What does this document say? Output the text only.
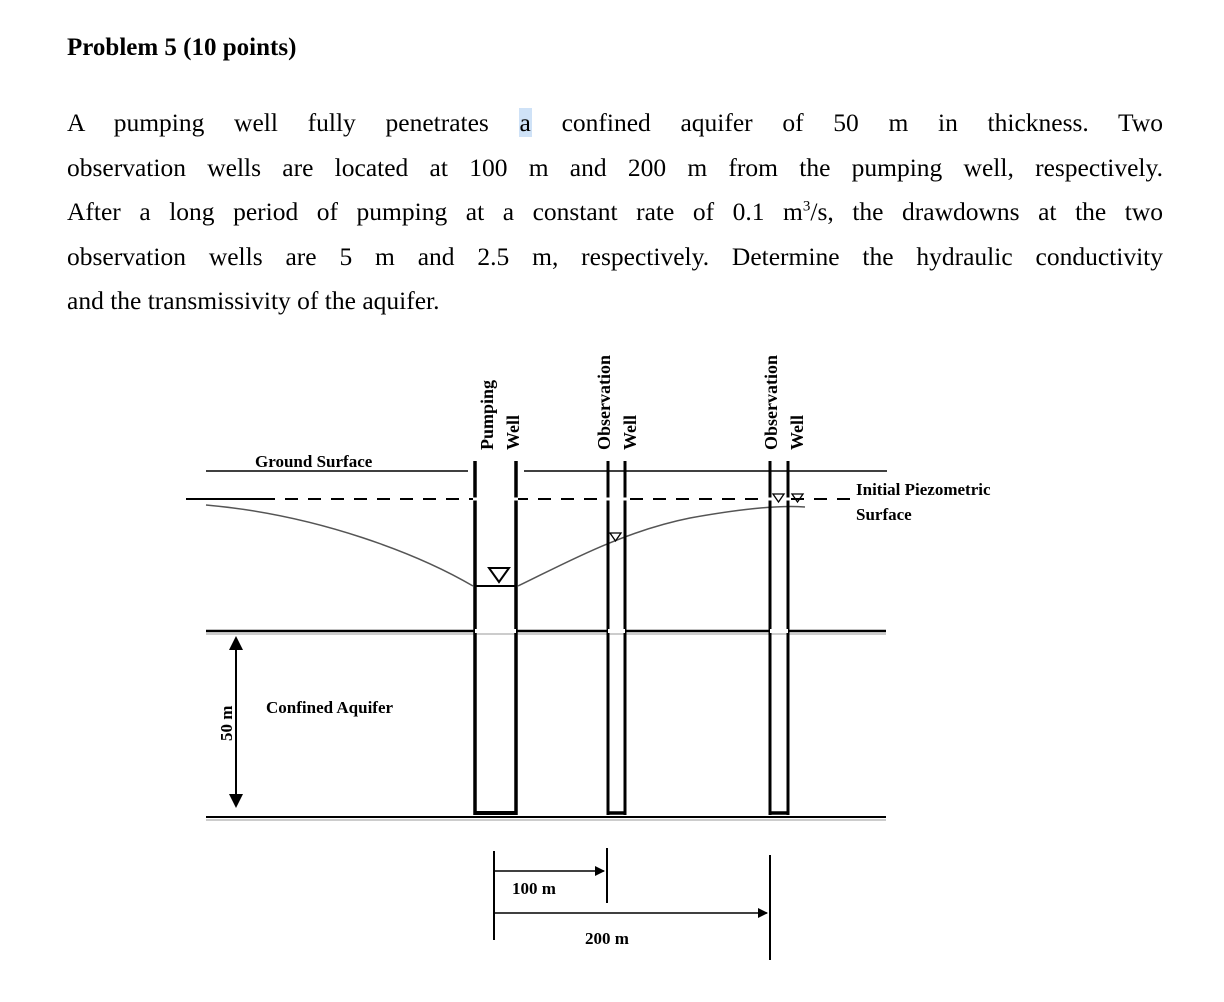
Problem 5 (10 points)
A pumping well fully penetrates a confined aquifer of 50 m in thickness. Two
observation wells are located at 100 m and 200 m from the pumping well, respectively.
After a long period of pumping at a constant rate of 0.1 $m^3/s$, the drawdowns at the two
observation wells are 5 m and 2.5 m, respectively. Determine the hydraulic conductivity
and the transmissivity of the aquifer.
Ground Surface
Initial Piezometric
Surface
Confined Aquifer
50 m
Pumping Well	Observation Well	Observation Well
100 m
200 m
